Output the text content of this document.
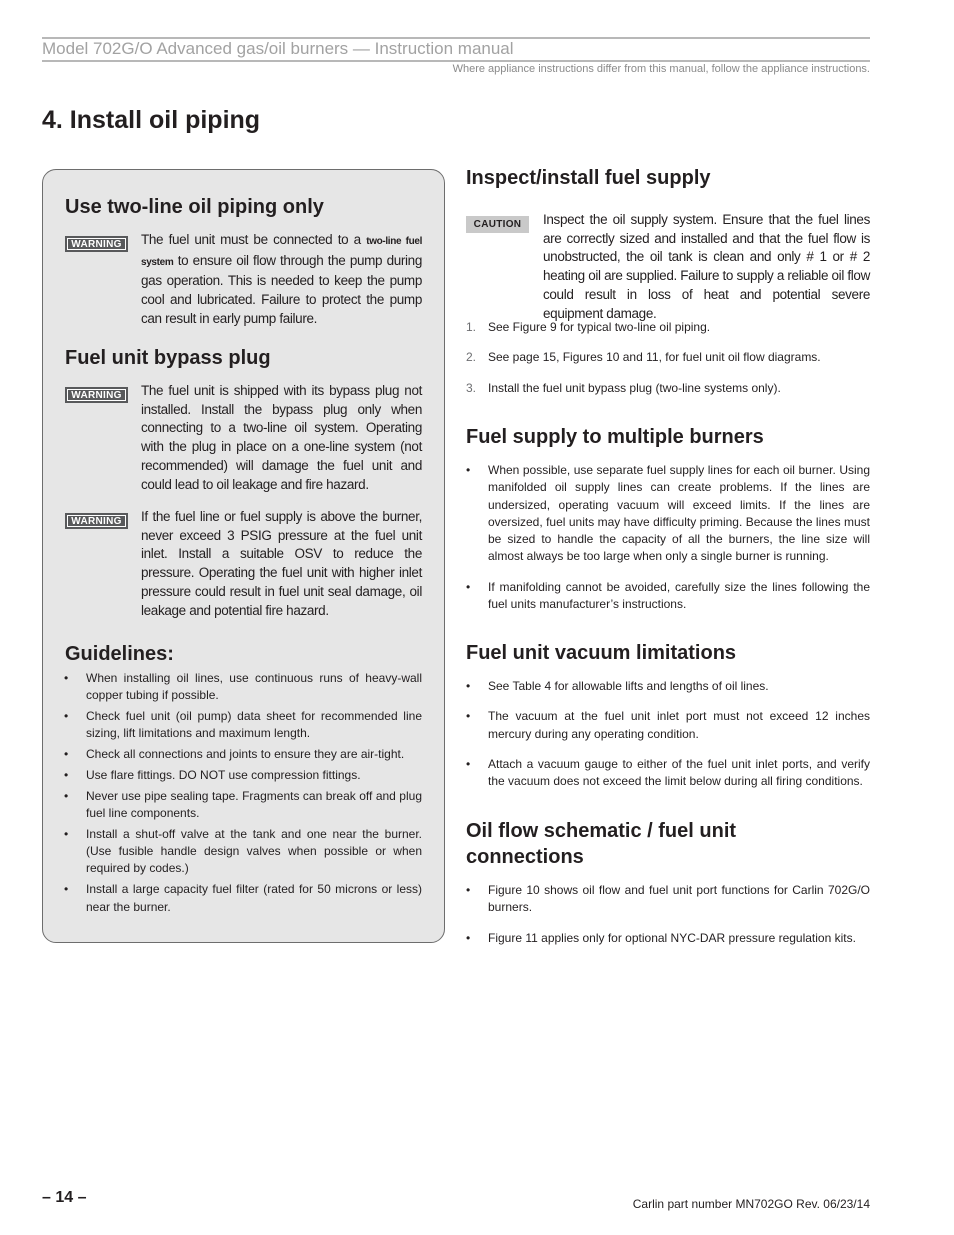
Model 702G/O Advanced gas/oil burners — Instruction manual
Where appliance instructions differ from this manual, follow the appliance instructions.
4. Install oil piping
Use two-line oil piping only
WARNING	The fuel unit must be connected to a two-line fuel system to ensure oil flow through the pump during gas operation. This is needed to keep the pump cool and lubricated. Failure to protect the pump can result in early pump failure.
Fuel unit bypass plug
WARNING	The fuel unit is shipped with its bypass plug not installed. Install the bypass plug only when connecting to a two-line oil system. Operating with the plug in place on a one-line system (not recommended) will damage the fuel unit and could lead to oil leakage and fire hazard.
WARNING	If the fuel line or fuel supply is above the burner, never exceed 3 PSIG pressure at the fuel unit inlet. Install a suitable OSV to reduce the pressure. Operating the fuel unit with higher inlet pressure could result in fuel unit seal damage, oil leakage and potential fire hazard.
Guidelines:
• When installing oil lines, use continuous runs of heavy-wall copper tubing if possible.
• Check fuel unit (oil pump) data sheet for recommended line sizing, lift limitations and maximum length.
• Check all connections and joints to ensure they are air-tight.
• Use flare fittings. DO NOT use compression fittings.
• Never use pipe sealing tape. Fragments can break off and plug fuel line components.
• Install a shut-off valve at the tank and one near the burner. (Use fusible handle design valves when possible or when required by codes.)
• Install a large capacity fuel filter (rated for 50 microns or less) near the burner.
Inspect/install fuel supply
CAUTION	Inspect the oil supply system. Ensure that the fuel lines are correctly sized and installed and that the fuel flow is unobstructed, the oil tank is clean and only # 1 or # 2 heating oil are supplied. Failure to supply a reliable oil flow could result in loss of heat and potential severe equipment damage.
1. See Figure 9 for typical two-line oil piping.
2. See page 15, Figures 10 and 11, for fuel unit oil flow diagrams.
3. Install the fuel unit bypass plug (two-line systems only).
Fuel supply to multiple burners
• When possible, use separate fuel supply lines for each oil burner. Using manifolded oil supply lines can create problems. If the lines are undersized, operating vacuum will exceed limits. If the lines are oversized, fuel units may have difficulty priming. Because the lines must be sized to handle the capacity of all the burners, the line size will almost always be too large when only a single burner is running.
• If manifolding cannot be avoided, carefully size the lines following the fuel units manufacturer’s instructions.
Fuel unit vacuum limitations
• See Table 4 for allowable lifts and lengths of oil lines.
• The vacuum at the fuel unit inlet port must not exceed 12 inches mercury during any operating condition.
• Attach a vacuum gauge to either of the fuel unit inlet ports, and verify the vacuum does not exceed the limit below during all firing conditions.
Oil flow schematic / fuel unit
connections
• Figure 10 shows oil flow and fuel unit port functions for Carlin 702G/O burners.
• Figure 11 applies only for optional NYC-DAR pressure regulation kits.
– 14 –	Carlin part number MN702GO Rev. 06/23/14
